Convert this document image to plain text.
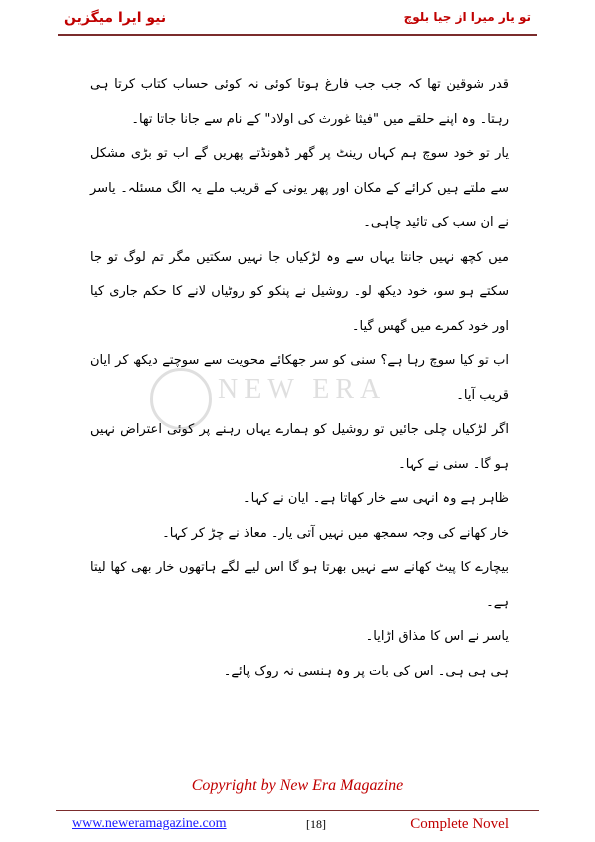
نیو ایرا میگزین	تو یار میرا از جیا بلوچ
NEW ERA

قدر شوقین تھا کہ جب جب فارغ ہوتا کوئی نہ کوئی حساب کتاب کرتا ہی رہتا۔ وہ اپنے حلقے میں "فیثا غورث کی اولاد" کے نام سے جانا جاتا تھا۔

یار تو خود سوچ ہم کہاں رینٹ پر گھر ڈھونڈتے پھریں گے اب تو بڑی مشکل سے ملتے ہیں کرائے کے مکان اور پھر یونی کے قریب ملے یہ الگ مسئلہ۔ یاسر نے ان سب کی تائید چاہی۔

میں کچھ نہیں جانتا یہاں سے وہ لڑکیاں جا نہیں سکتیں مگر تم لوگ تو جا سکتے ہو سو، خود دیکھ لو۔ روشیل نے پنکو کو روٹیاں لانے کا حکم جاری کیا اور خود کمرے میں گھس گیا۔

اب تو کیا سوچ رہا ہے؟ سنی کو سر جھکائے محویت سے سوچتے دیکھ کر ایان قریب آیا۔

اگر لڑکیاں چلی جائیں تو روشیل کو ہمارے یہاں رہنے پر کوئی اعتراض نہیں ہو گا۔ سنی نے کہا۔

ظاہر ہے وہ انہی سے خار کھاتا ہے۔ ایان نے کہا۔

خار کھانے کی وجہ سمجھ میں نہیں آتی یار۔ معاذ نے چڑ کر کہا۔

بیچارے کا پیٹ کھانے سے نہیں بھرتا ہو گا اس لیے لگے ہاتھوں خار بھی کھا لیتا ہے۔

یاسر نے اس کا مذاق اڑایا۔

ہی ہی ہی۔ اس کی بات پر وہ ہنسی نہ روک پائے۔

Copyright by New Era Magazine
www.neweramagazine.com	[18]	Complete Novel
